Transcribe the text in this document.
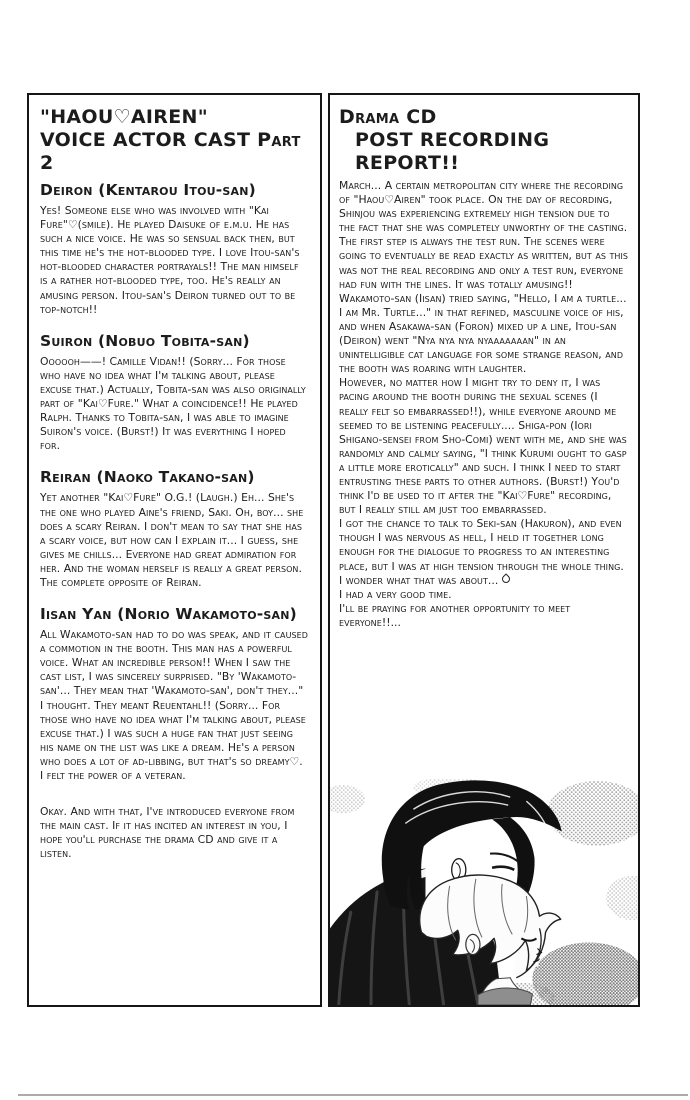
"HAOU♡AIREN"
VOICE ACTOR CAST Part 2
Deiron (Kentarou Itou-san)

Yes! Someone else who was involved with "Kai Fure"♡(smile). He played Daisuke of e.m.u. He has such a nice voice. He was so sensual back then, but this time he's the hot-blooded type. I love Itou-san's hot-blooded character portrayals!! The man himself is a rather hot-blooded type, too. He's really an amusing person. Itou-san's Deiron turned out to be top-notch!!

Suiron (Nobuo Tobita-san)

Oooooh——! Camille Vidan!! (Sorry... For those who have no idea what I'm talking about, please excuse that.) Actually, Tobita-san was also originally part of "Kai♡Fure." What a coincidence!! He played Ralph. Thanks to Tobita-san, I was able to imagine Suiron's voice. (Burst!) It was everything I hoped for.

Reiran (Naoko Takano-san)

Yet another "Kai♡Fure" O.G.! (Laugh.) Eh... She's the one who played Aine's friend, Saki. Oh, boy... she does a scary Reiran. I don't mean to say that she has a scary voice, but how can I explain it... I guess, she gives me chills... Everyone had great admiration for her. And the woman herself is really a great person. The complete opposite of Reiran.

Iisan Yan (Norio Wakamoto-san)

All Wakamoto-san had to do was speak, and it caused a commotion in the booth. This man has a powerful voice. What an incredible person!! When I saw the cast list, I was sincerely surprised. "By 'Wakamoto-san'... They mean that 'Wakamoto-san', don't they..." I thought. They meant Reuentahl!! (Sorry... For those who have no idea what I'm talking about, please excuse that.) I was such a huge fan that just seeing his name on the list was like a dream. He's a person who does a lot of ad-libbing, but that's so dreamy♡. I felt the power of a veteran.

Okay. And with that, I've introduced everyone from the main cast. If it has incited an interest in you, I hope you'll purchase the drama CD and give it a listen.

Drama CD
POST RECORDING REPORT!!

March... A certain metropolitan city where the recording of "Haou♡Airen" took place. On the day of recording, Shinjou was experiencing extremely high tension due to the fact that she was completely unworthy of the casting. The first step is always the test run. The scenes were going to eventually be read exactly as written, but as this was not the real recording and only a test run, everyone had fun with the lines. It was totally amusing!! Wakamoto-san (Iisan) tried saying, "Hello, I am a turtle... I am Mr. Turtle..." in that refined, masculine voice of his, and when Asakawa-san (Foron) mixed up a line, Itou-san (Deiron) went "Nya nya nya nyaaaaaaan" in an unintelligible cat language for some strange reason, and the booth was roaring with laughter.

However, no matter how I might try to deny it, I was pacing around the booth during the sexual scenes (I really felt so embarrassed!!), while everyone around me seemed to be listening peacefully.... Shiga-pon (Iori Shigano-sensei from Sho-Comi) went with me, and she was randomly and calmly saying, "I think Kurumi ought to gasp a little more erotically" and such. I think I need to start entrusting these parts to other authors. (Burst!) You'd think I'd be used to it after the "Kai♡Fure" recording, but I really still am just too embarrassed.

I got the chance to talk to Seki-san (Hakuron), and even though I was nervous as hell, I held it together long enough for the dialogue to progress to an interesting place, but I was at high tension through the whole thing. I wonder what that was about...

I had a very good time.

I'll be praying for another opportunity to meet everyone!!...
